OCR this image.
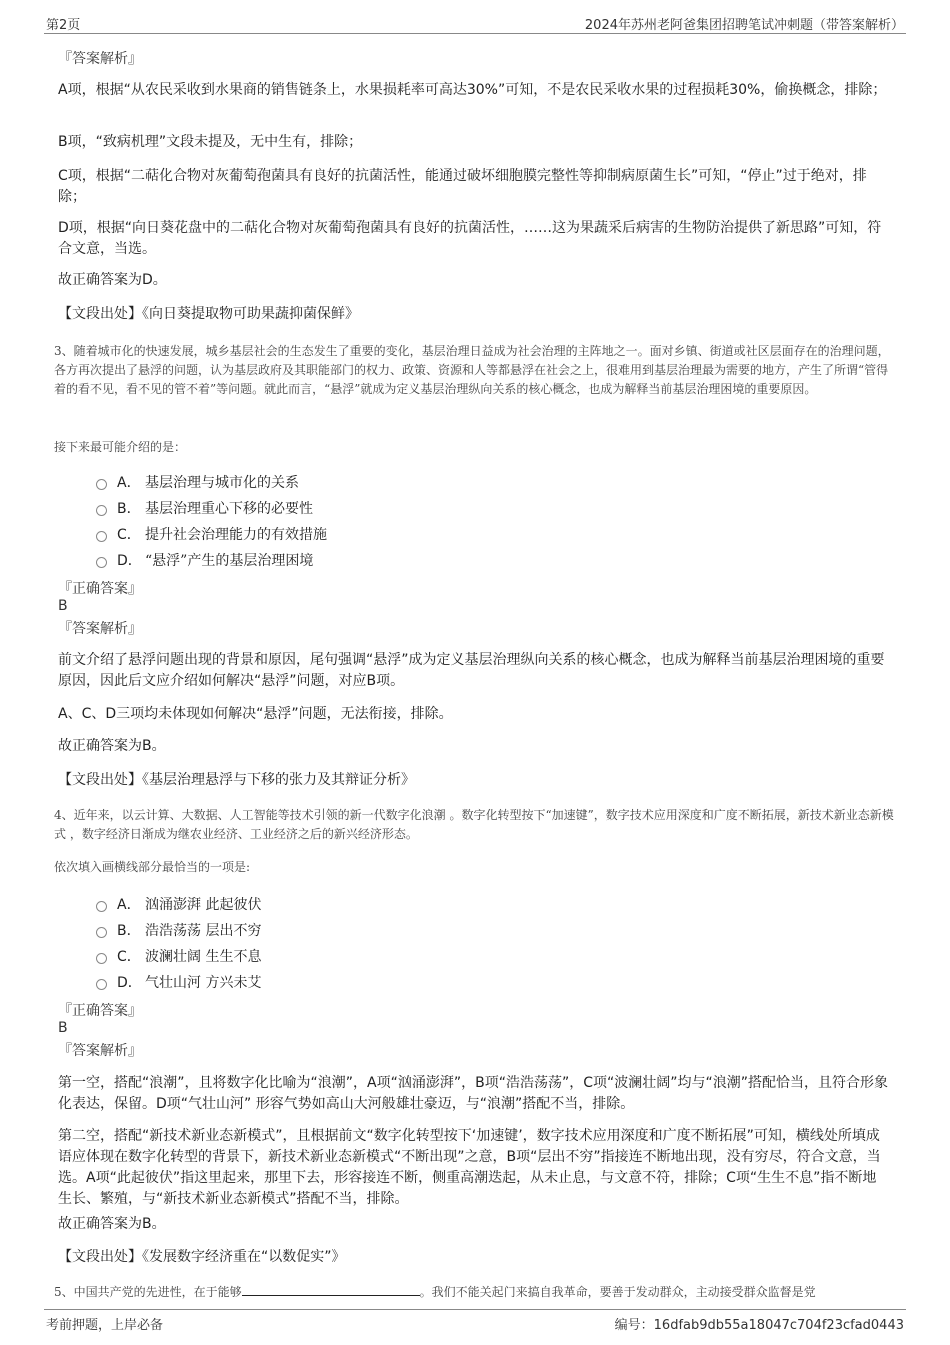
第2页	2024年苏州老阿爸集团招聘笔试冲刺题（带答案解析）
『答案解析』

A项，根据“从农民采收到水果商的销售链条上，水果损耗率可高达30%”可知，不是农民采收水果的过程损耗30%，偷换概念，排除；

B项，“致病机理”文段未提及，无中生有，排除；

C项，根据“二萜化合物对灰葡萄孢菌具有良好的抗菌活性，能通过破坏细胞膜完整性等抑制病原菌生长”可知，“停止”过于绝对，排除；

D项，根据“向日葵花盘中的二萜化合物对灰葡萄孢菌具有良好的抗菌活性，……这为果蔬采后病害的生物防治提供了新思路”可知，符合文意，当选。

故正确答案为D。

【文段出处】《向日葵提取物可助果蔬抑菌保鲜》

3、随着城市化的快速发展，城乡基层社会的生态发生了重要的变化，基层治理日益成为社会治理的主阵地之一。面对乡镇、街道或社区层面存在的治理问题，各方再次提出了悬浮的问题，认为基层政府及其职能部门的权力、政策、资源和人等都悬浮在社会之上，很难用到基层治理最为需要的地方，产生了所谓“管得着的看不见，看不见的管不着”等问题。就此而言，“悬浮”就成为定义基层治理纵向关系的核心概念，也成为解释当前基层治理困境的重要原因。

接下来最可能介绍的是：

A． 基层治理与城市化的关系
B． 基层治理重心下移的必要性
C． 提升社会治理能力的有效措施
D． “悬浮”产生的基层治理困境
『正确答案』
B
『答案解析』

前文介绍了悬浮问题出现的背景和原因，尾句强调“悬浮”成为定义基层治理纵向关系的核心概念，也成为解释当前基层治理困境的重要原因，因此后文应介绍如何解决“悬浮”问题，对应B项。

A、C、D三项均未体现如何解决“悬浮”问题，无法衔接，排除。

故正确答案为B。

【文段出处】《基层治理悬浮与下移的张力及其辩证分析》

4、近年来，以云计算、大数据、人工智能等技术引领的新一代数字化浪潮 。数字化转型按下“加速键”，数字技术应用深度和广度不断拓展，新技术新业态新模式 ，数字经济日渐成为继农业经济、工业经济之后的新兴经济形态。

依次填入画横线部分最恰当的一项是:

A． 汹涌澎湃 此起彼伏
B． 浩浩荡荡 层出不穷
C． 波澜壮阔 生生不息
D． 气壮山河 方兴未艾
『正确答案』
B
『答案解析』

第一空，搭配“浪潮”，且将数字化比喻为“浪潮”，A项“汹涌澎湃”，B项“浩浩荡荡”，C项“波澜壮阔”均与“浪潮”搭配恰当，且符合形象化表达，保留。D项“气壮山河” 形容气势如高山大河般雄壮豪迈，与“浪潮”搭配不当，排除。

第二空，搭配“新技术新业态新模式”，且根据前文“数字化转型按下‘加速键’，数字技术应用深度和广度不断拓展”可知，横线处所填成语应体现在数字化转型的背景下，新技术新业态新模式“不断出现”之意，B项“层出不穷”指接连不断地出现，没有穷尽，符合文意，当选。A项“此起彼伏”指这里起来，那里下去，形容接连不断，侧重高潮迭起，从未止息，与文意不符，排除；C项“生生不息”指不断地生长、繁殖，与“新技术新业态新模式”搭配不当，排除。

故正确答案为B。

【文段出处】《发展数字经济重在“以数促实”》

5、中国共产党的先进性，在于能够	。我们不能关起门来搞自我革命，要善于发动群众，主动接受群众监督是党

考前押题，上岸必备	编号：16dfab9db55a18047c704f23cfad0443
